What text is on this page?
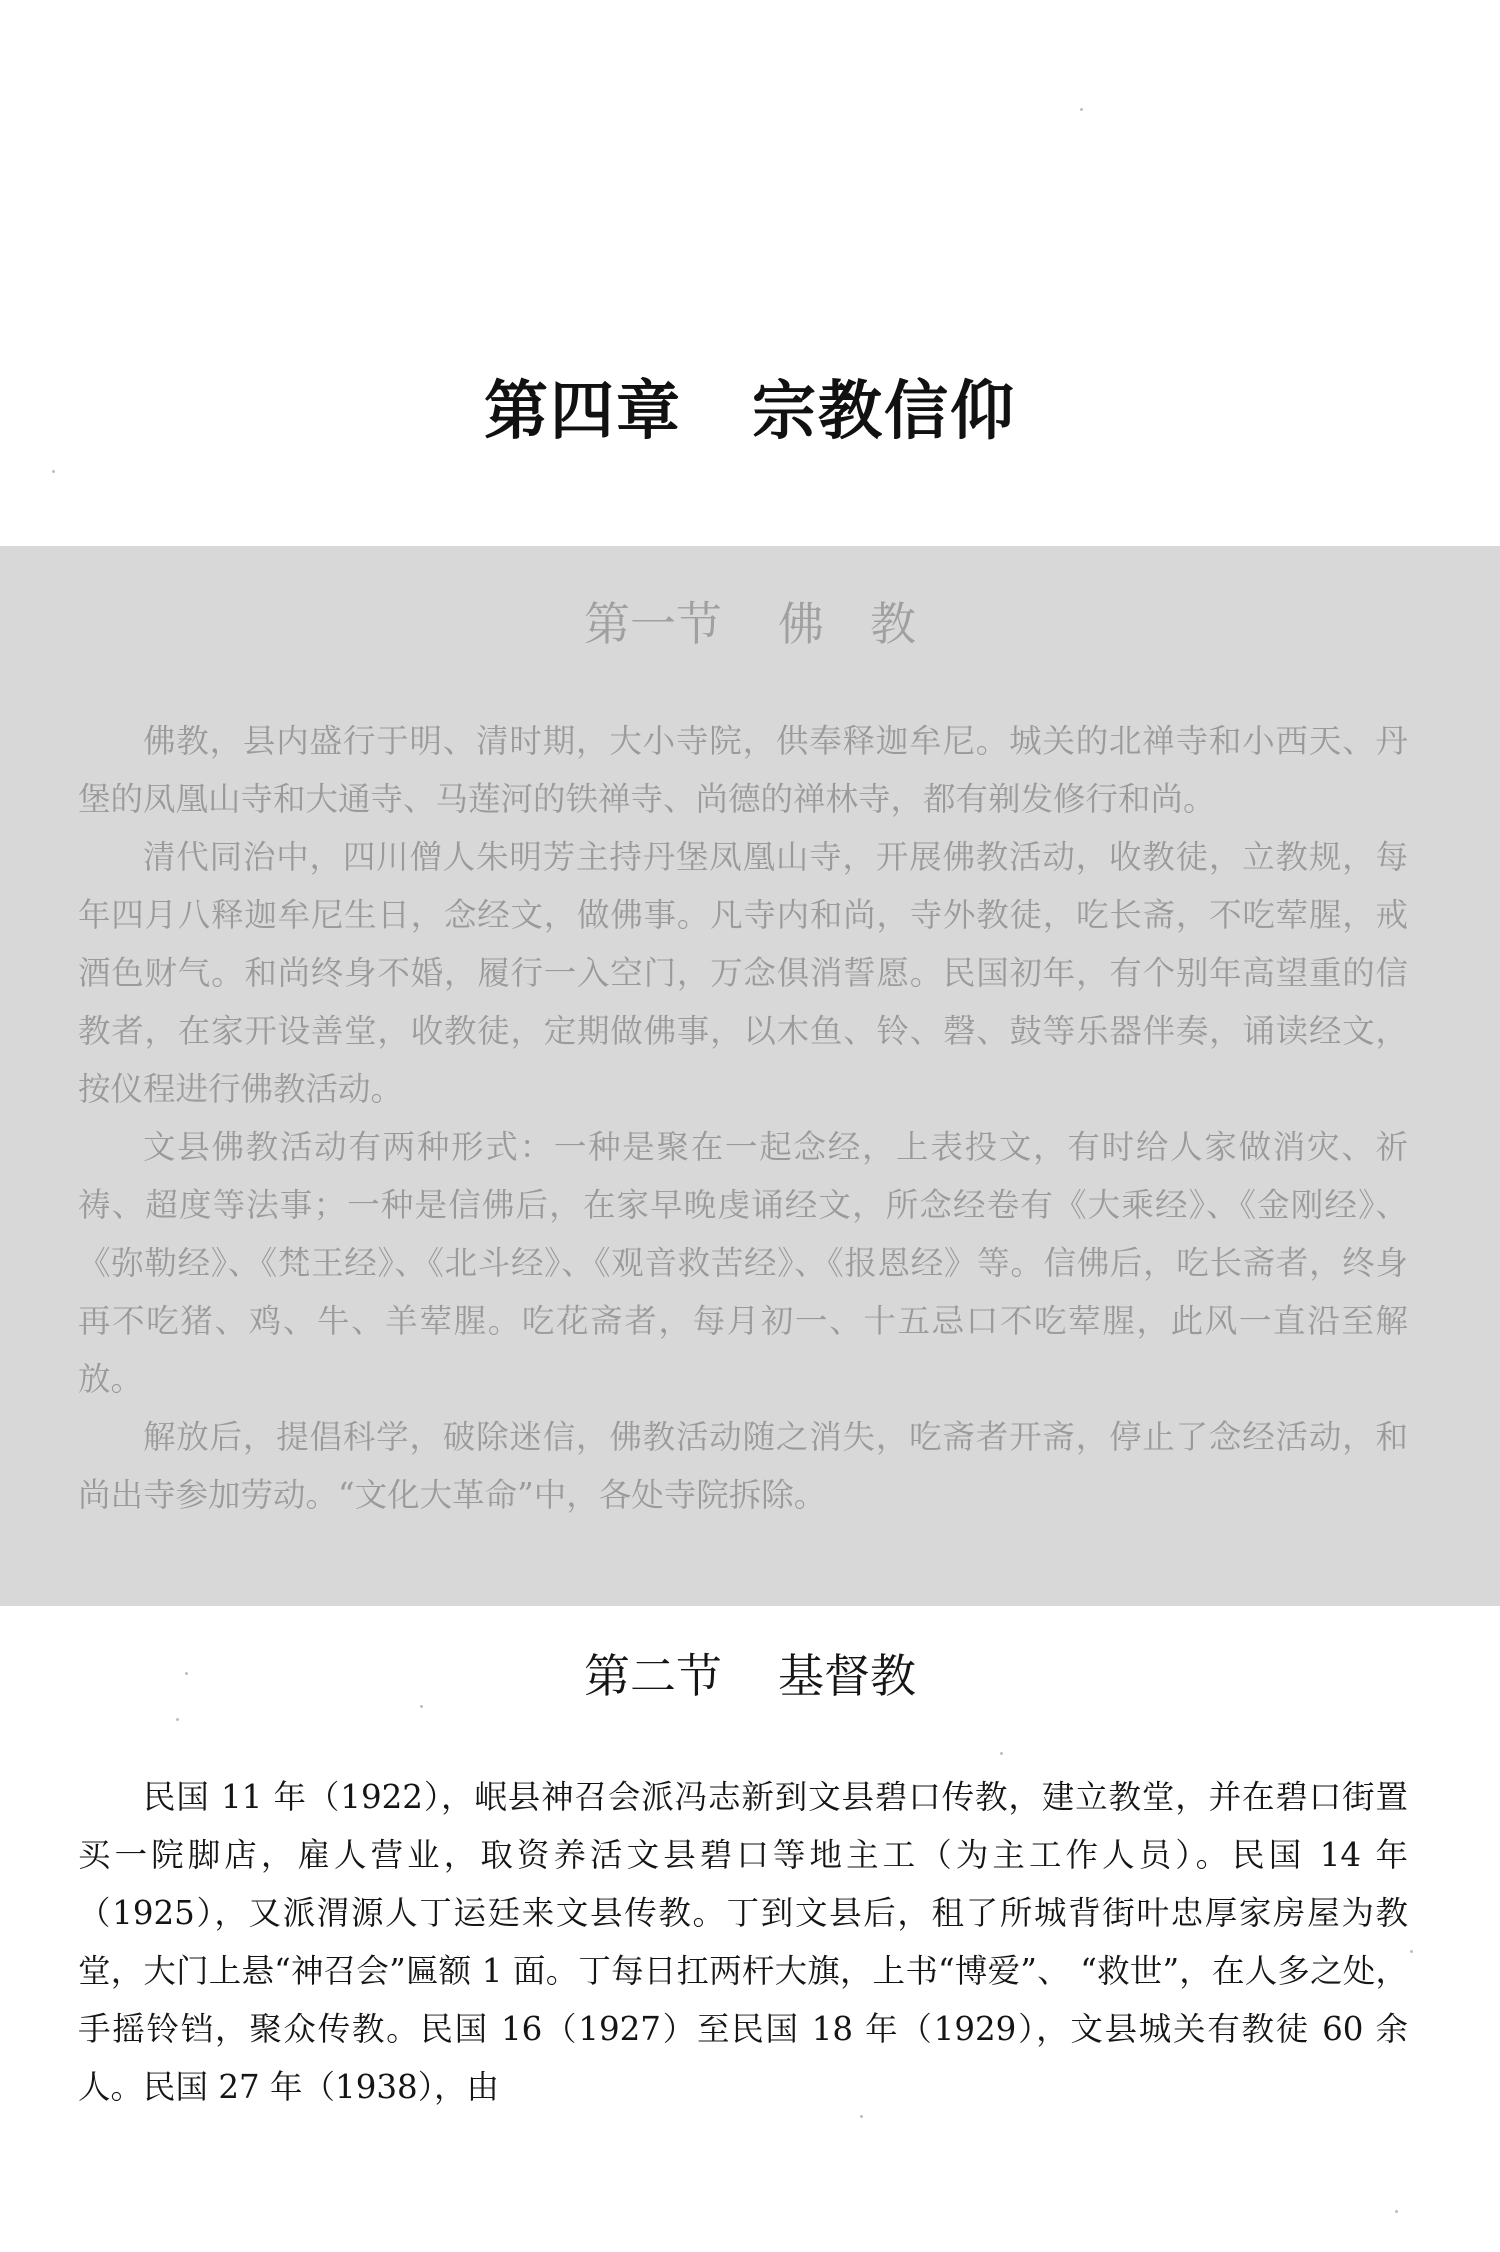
第四章 宗教信仰
第一节 佛　教

佛教，县内盛行于明、清时期，大小寺院，供奉释迦牟尼。城关的北禅寺和小西天、丹堡的凤凰山寺和大通寺、马莲河的铁禅寺、尚德的禅林寺，都有剃发修行和尚。

清代同治中，四川僧人朱明芳主持丹堡凤凰山寺，开展佛教活动，收教徒，立教规，每年四月八释迦牟尼生日，念经文，做佛事。凡寺内和尚，寺外教徒，吃长斋，不吃荤腥，戒酒色财气。和尚终身不婚，履行一入空门，万念俱消誓愿。民国初年，有个别年高望重的信教者，在家开设善堂，收教徒，定期做佛事，以木鱼、铃、磬、鼓等乐器伴奏，诵读经文，按仪程进行佛教活动。

文县佛教活动有两种形式：一种是聚在一起念经，上表投文，有时给人家做消灾、祈祷、超度等法事；一种是信佛后，在家早晚虔诵经文，所念经卷有《大乘经》、《金刚经》、《弥勒经》、《梵王经》、《北斗经》、《观音救苦经》、《报恩经》等。信佛后，吃长斋者，终身再不吃猪、鸡、牛、羊荤腥。吃花斋者，每月初一、十五忌口不吃荤腥，此风一直沿至解放。

解放后，提倡科学，破除迷信，佛教活动随之消失，吃斋者开斋，停止了念经活动，和尚出寺参加劳动。“文化大革命”中，各处寺院拆除。

第二节 基督教

民国 11 年（1922），岷县神召会派冯志新到文县碧口传教，建立教堂，并在碧口街置买一院脚店，雇人营业，取资养活文县碧口等地主工（为主工作人员）。民国 14 年（1925），又派渭源人丁运廷来文县传教。丁到文县后，租了所城背街叶忠厚家房屋为教堂，大门上悬“神召会”匾额 1 面。丁每日扛两杆大旗，上书“博爱”、 “救世”，在人多之处，手摇铃铛，聚众传教。民国 16（1927）至民国 18 年（1929），文县城关有教徒 60 余人。民国 27 年（1938），由
